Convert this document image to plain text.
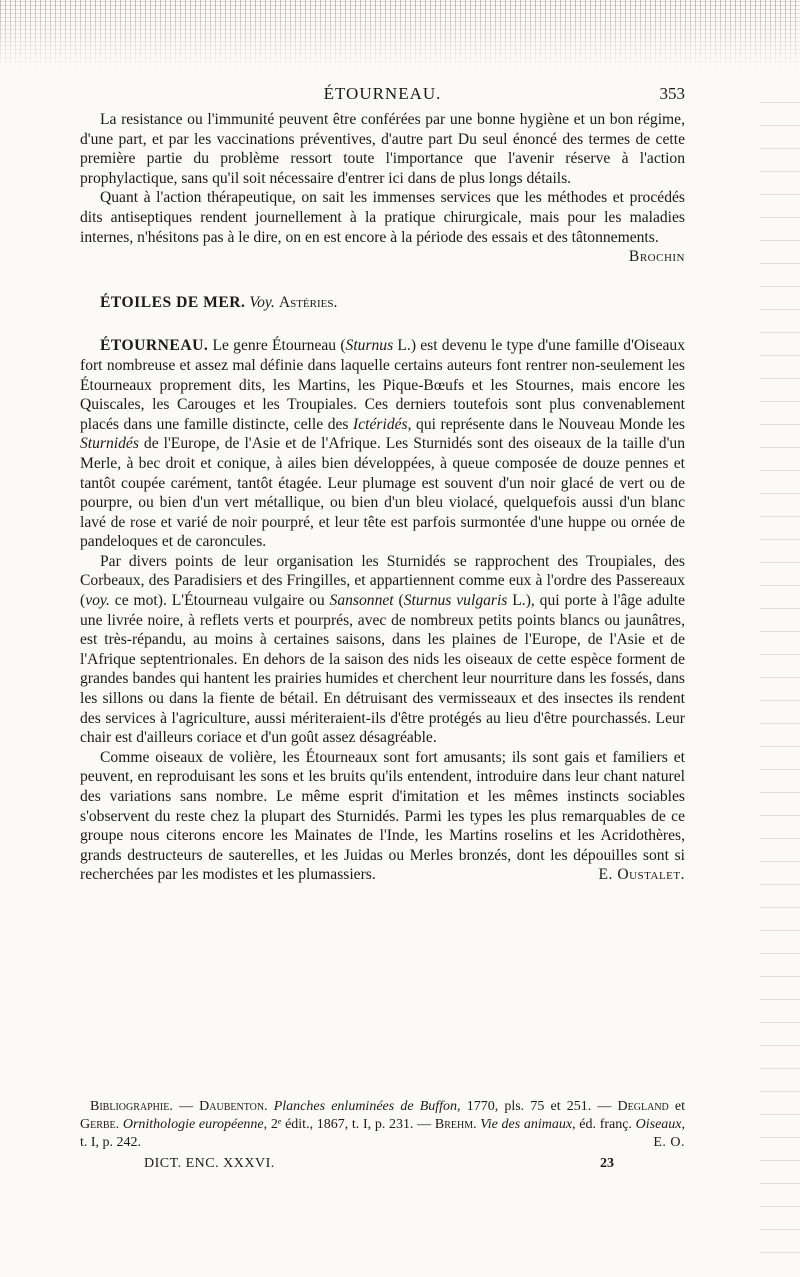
ÉTOURNEAU.	353

La resistance ou l'immunité peuvent être conférées par une bonne hygiène et un bon régime, d'une part, et par les vaccinations préventives, d'autre part Du seul énoncé des termes de cette première partie du problème ressort toute l'importance que l'avenir réserve à l'action prophylactique, sans qu'il soit nécessaire d'entrer ici dans de plus longs détails.

Quant à l'action thérapeutique, on sait les immenses services que les méthodes et procédés dits antiseptiques rendent journellement à la pratique chirurgicale, mais pour les maladies internes, n'hésitons pas à le dire, on en est encore à la période des essais et des tâtonnements.
Brochin

ÉTOILES DE MER. Voy. Astéries.

ÉTOURNEAU. Le genre Étourneau (Sturnus L.) est devenu le type d'une famille d'Oiseaux fort nombreuse et assez mal définie dans laquelle certains auteurs font rentrer non-seulement les Étourneaux proprement dits, les Martins, les Pique-Bœufs et les Stournes, mais encore les Quiscales, les Carouges et les Troupiales. Ces derniers toutefois sont plus convenablement placés dans une famille distincte, celle des Ictéridés, qui représente dans le Nouveau Monde les Sturnidés de l'Europe, de l'Asie et de l'Afrique. Les Sturnidés sont des oiseaux de la taille d'un Merle, à bec droit et conique, à ailes bien développées, à queue composée de douze pennes et tantôt coupée carément, tantôt étagée. Leur plumage est souvent d'un noir glacé de vert ou de pourpre, ou bien d'un vert métallique, ou bien d'un bleu violacé, quelquefois aussi d'un blanc lavé de rose et varié de noir pourpré, et leur tête est parfois surmontée d'une huppe ou ornée de pandeloques et de caroncules.

Par divers points de leur organisation les Sturnidés se rapprochent des Troupiales, des Corbeaux, des Paradisiers et des Fringilles, et appartiennent comme eux à l'ordre des Passereaux (voy. ce mot). L'Étourneau vulgaire ou Sansonnet (Sturnus vulgaris L.), qui porte à l'âge adulte une livrée noire, à reflets verts et pourprés, avec de nombreux petits points blancs ou jaunâtres, est très-répandu, au moins à certaines saisons, dans les plaines de l'Europe, de l'Asie et de l'Afrique septentrionales. En dehors de la saison des nids les oiseaux de cette espèce forment de grandes bandes qui hantent les prairies humides et cherchent leur nourriture dans les fossés, dans les sillons ou dans la fiente de bétail. En détruisant des vermisseaux et des insectes ils rendent des services à l'agriculture, aussi mériteraient-ils d'être protégés au lieu d'être pourchassés. Leur chair est d'ailleurs coriace et d'un goût assez désagréable.

Comme oiseaux de volière, les Étourneaux sont fort amusants; ils sont gais et familiers et peuvent, en reproduisant les sons et les bruits qu'ils entendent, introduire dans leur chant naturel des variations sans nombre. Le même esprit d'imitation et les mêmes instincts sociables s'observent du reste chez la plupart des Sturnidés. Parmi les types les plus remarquables de ce groupe nous citerons encore les Mainates de l'Inde, les Martins roselins et les Acridothères, grands destructeurs de sauterelles, et les Juidas ou Merles bronzés, dont les dépouilles sont si recherchées par les modistes et les plumassiers.	E. Oustalet.

Bibliographie. — Daubenton. Planches enluminées de Buffon, 1770, pls. 75 et 251. — Degland et Gerbe. Ornithologie européenne, 2ᵉ édit., 1867, t. I, p. 231. — Brehm. Vie des animaux, éd. franç. Oiseaux, t. I, p. 242.	E. O.

DICT. ENC. XXXVI.	23
